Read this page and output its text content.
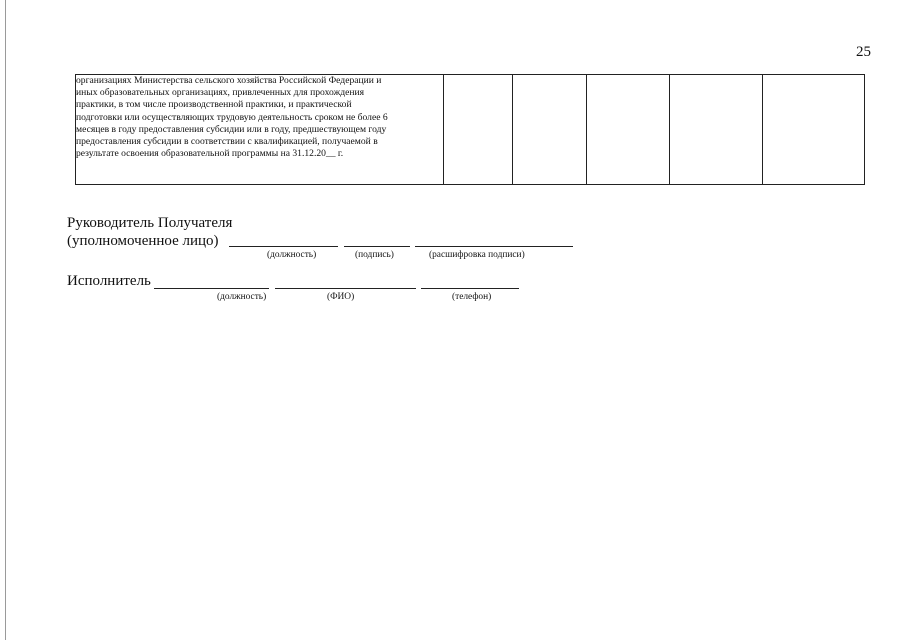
25
организациях Министерства сельского хозяйства Российской Федерации и
иных образовательных организациях, привлеченных для прохождения
практики, в том числе производственной практики, и практической
подготовки или осуществляющих трудовую деятельность сроком не более 6
месяцев в году предоставления субсидии или в году, предшествующем году
предоставления субсидии в соответствии с квалификацией, получаемой в
результате освоения образовательной программы на 31.12.20__ г.

Руководитель Получателя
(уполномоченное лицо)
(должность)	(подпись)	(расшифровка подписи)
Исполнитель
(должность)	(ФИО)	(телефон)
